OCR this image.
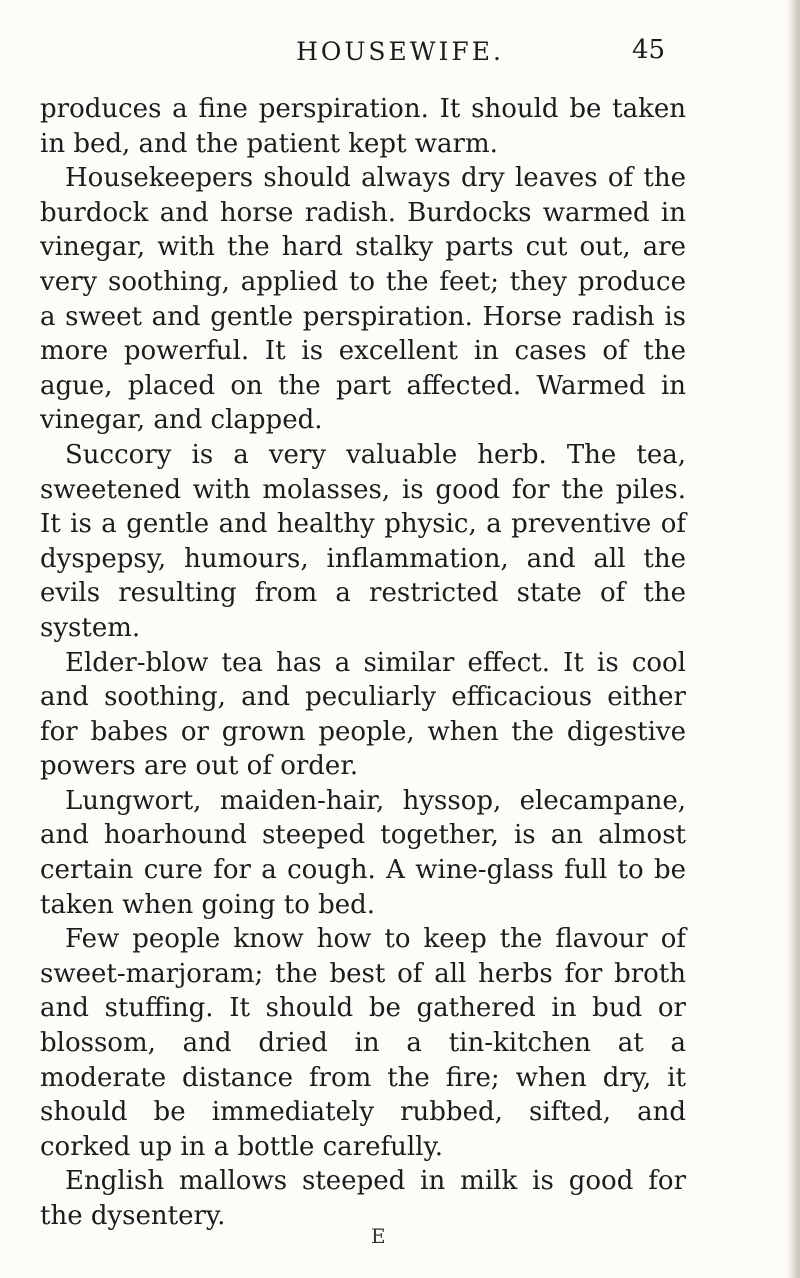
HOUSEWIFE.	45

produces a fine perspiration. It should be taken in bed, and the patient kept warm.

Housekeepers should always dry leaves of the burdock and horse radish. Burdocks warmed in vinegar, with the hard stalky parts cut out, are very soothing, applied to the feet; they produce a sweet and gentle perspiration. Horse radish is more powerful. It is excellent in cases of the ague, placed on the part affected. Warmed in vinegar, and clapped.

Succory is a very valuable herb. The tea, sweetened with molasses, is good for the piles. It is a gentle and healthy physic, a preventive of dyspepsy, humours, inflammation, and all the evils resulting from a restricted state of the system.

Elder-blow tea has a similar effect. It is cool and soothing, and peculiarly efficacious either for babes or grown people, when the digestive powers are out of order.

Lungwort, maiden-hair, hyssop, elecampane, and hoarhound steeped together, is an almost certain cure for a cough. A wine-glass full to be taken when going to bed.

Few people know how to keep the flavour of sweet-marjoram; the best of all herbs for broth and stuffing. It should be gathered in bud or blossom, and dried in a tin-kitchen at a moderate distance from the fire; when dry, it should be immediately rubbed, sifted, and corked up in a bottle carefully.

English mallows steeped in milk is good for the dysentery.

E
